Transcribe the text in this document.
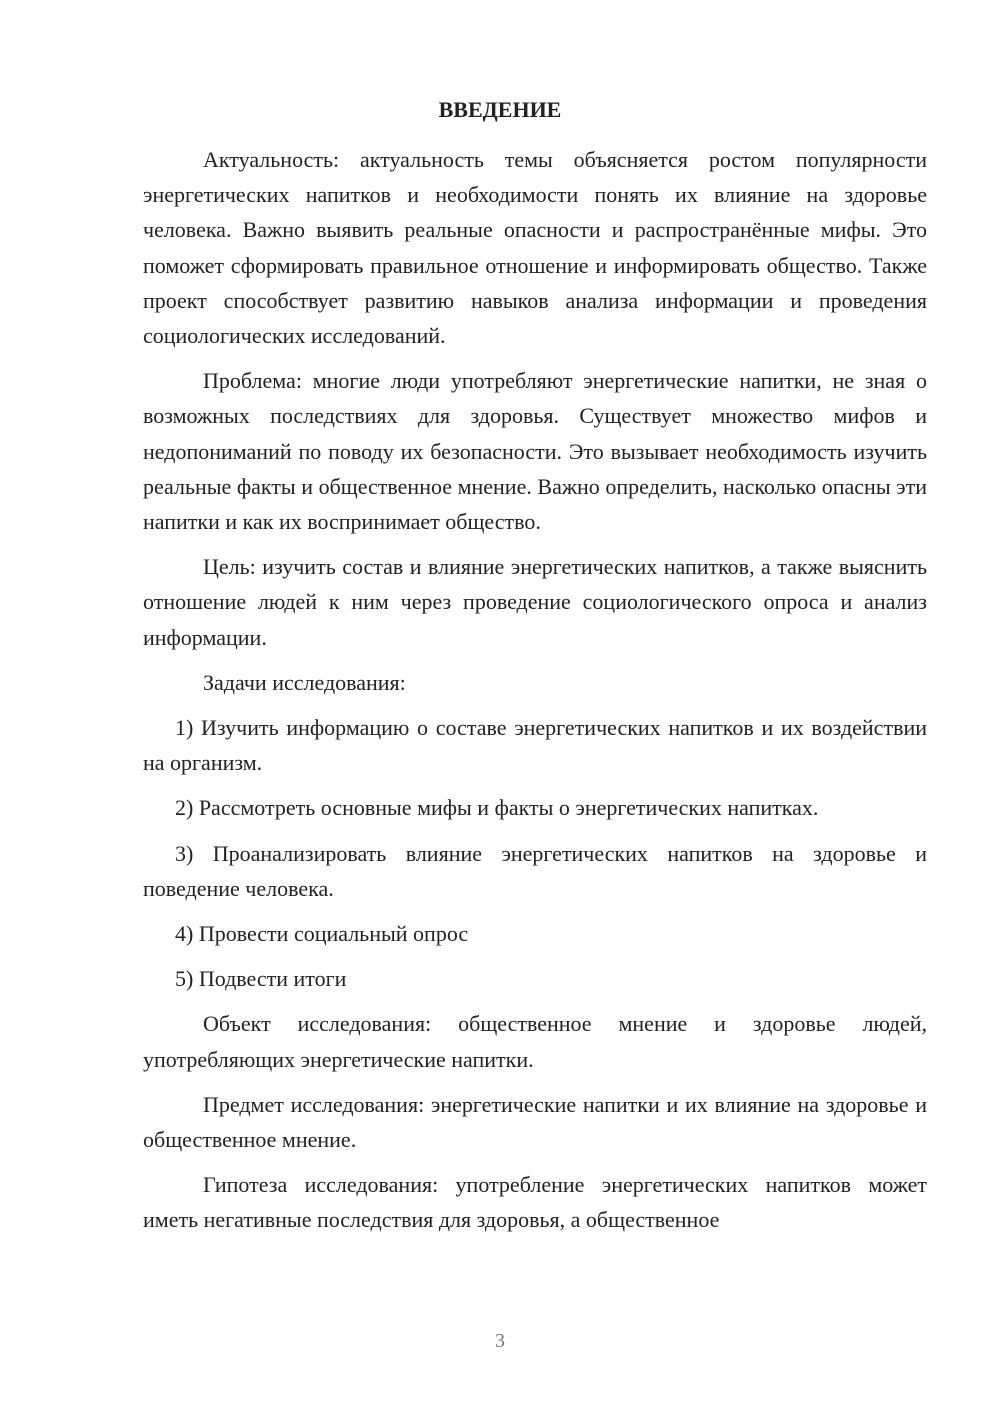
ВВЕДЕНИЕ

Актуальность: актуальность темы объясняется ростом популярности энергетических напитков и необходимости понять их влияние на здоровье человека. Важно выявить реальные опасности и распространённые мифы. Это поможет сформировать правильное отношение и информировать общество. Также проект способствует развитию навыков анализа информации и проведения социологических исследований.

Проблема: многие люди употребляют энергетические напитки, не зная о возможных последствиях для здоровья. Существует множество мифов и недопониманий по поводу их безопасности. Это вызывает необходимость изучить реальные факты и общественное мнение. Важно определить, насколько опасны эти напитки и как их воспринимает общество.

Цель: изучить состав и влияние энергетических напитков, а также выяснить отношение людей к ним через проведение социологического опроса и анализ информации.

Задачи исследования:

1) Изучить информацию о составе энергетических напитков и их воздействии на организм.

2) Рассмотреть основные мифы и факты о энергетических напитках.

3) Проанализировать влияние энергетических напитков на здоровье и поведение человека.

4) Провести социальный опрос

5) Подвести итоги

Объект исследования: общественное мнение и здоровье людей, употребляющих энергетические напитки.

Предмет исследования: энергетические напитки и их влияние на здоровье и общественное мнение.

Гипотеза исследования: употребление энергетических напитков может иметь негативные последствия для здоровья, а общественное

3
